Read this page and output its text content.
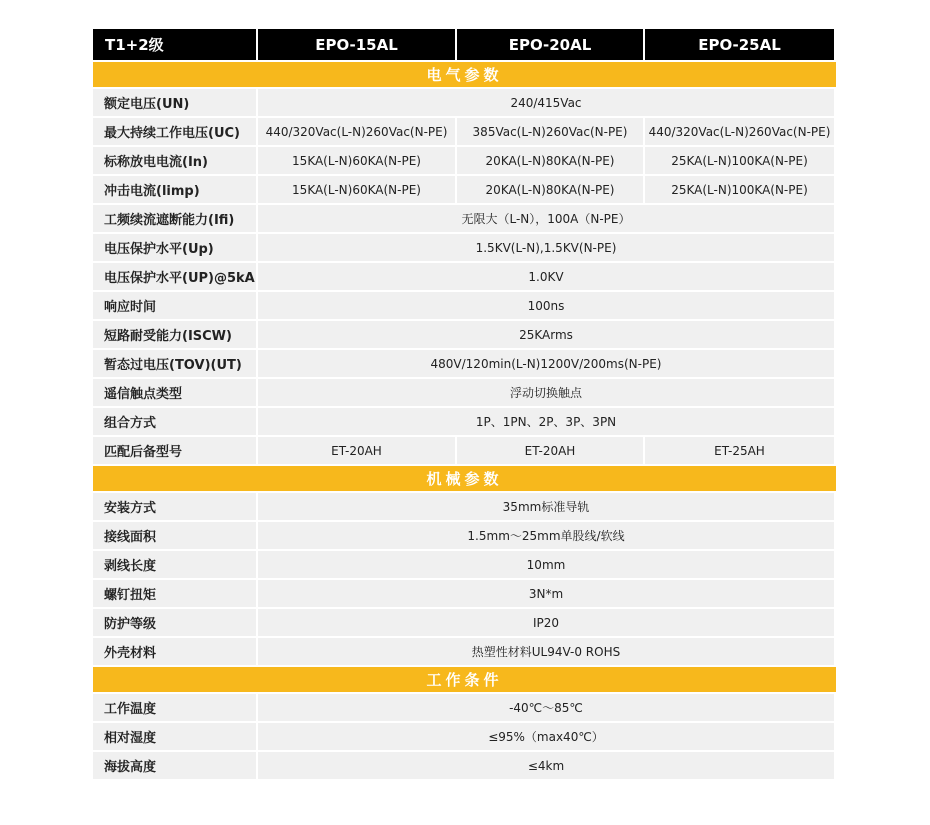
T1+2级	EPO-15AL	EPO-20AL	EPO-25AL
电气参数
额定电压(UN)	240/415Vac
最大持续工作电压(UC)	440/320Vac(L-N)260Vac(N-PE)	385Vac(L-N)260Vac(N-PE)	440/320Vac(L-N)260Vac(N-PE)
标称放电电流(In)	15KA(L-N)60KA(N-PE)	20KA(L-N)80KA(N-PE)	25KA(L-N)100KA(N-PE)
冲击电流(limp)	15KA(L-N)60KA(N-PE)	20KA(L-N)80KA(N-PE)	25KA(L-N)100KA(N-PE)
工频续流遮断能力(Ifi)	无限大（L-N），100A（N-PE）
电压保护水平(Up)	1.5KV(L-N),1.5KV(N-PE)
电压保护水平(UP)@5kA	1.0KV
响应时间	100ns
短路耐受能力(ISCW)	25KArms
暂态过电压(TOV)(UT)	480V/120min(L-N)1200V/200ms(N-PE)
遥信触点类型	浮动切换触点
组合方式	1P、1PN、2P、3P、3PN
匹配后备型号	ET-20AH	ET-20AH	ET-25AH
机械参数
安装方式	35mm标准导轨
接线面积	1.5mm～25mm单股线/软线
剥线长度	10mm
螺钉扭矩	3N*m
防护等级	IP20
外壳材料	热塑性材料UL94V-0 ROHS
工作条件
工作温度	-40℃～85℃
相对湿度	≤95%（max40℃）
海拔高度	≤4km
